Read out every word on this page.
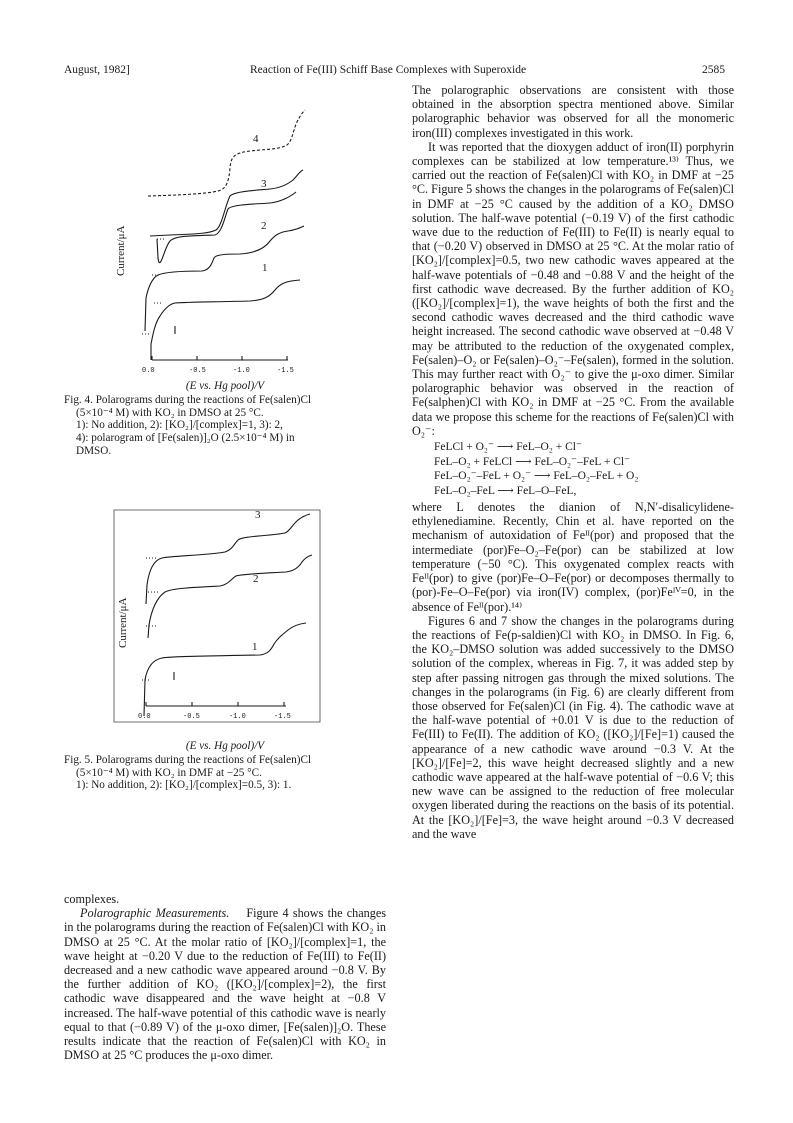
August, 1982]	Reaction of Fe(III) Schiff Base Complexes with Superoxide	2585
4
3
2
1
0.0	-0.5	-1.0	-1.5
Current/μA
(E vs. Hg pool)/V
Fig. 4. Polarograms during the reactions of Fe(salen)Cl
(5×10⁻⁴ M) with KO₂ in DMSO at 25 °C.
1): No addition, 2): [KO₂]/[complex]=1, 3): 2,
4): polarogram of [Fe(salen)]₂O (2.5×10⁻⁴ M) in
DMSO.
3
2
1
0.0	-0.5	-1.0	-1.5
Current/μA
(E vs. Hg pool)/V
Fig. 5. Polarograms during the reactions of Fe(salen)Cl
(5×10⁻⁴ M) with KO₂ in DMF at −25 °C.
1): No addition, 2): [KO₂]/[complex]=0.5, 3): 1.

complexes.

Polarographic Measurements. Figure 4 shows the changes in the polarograms during the reaction of Fe(salen)Cl with KO₂ in DMSO at 25 °C. At the molar ratio of [KO₂]/[complex]=1, the wave height at −0.20 V due to the reduction of Fe(III) to Fe(II) decreased and a new cathodic wave appeared around −0.8 V. By the further addition of KO₂ ([KO₂]/[complex]=2), the first cathodic wave disappeared and the wave height at −0.8 V increased. The half-wave potential of this cathodic wave is nearly equal to that (−0.89 V) of the μ-oxo dimer, [Fe(salen)]₂O. These results indicate that the reaction of Fe(salen)Cl with KO₂ in DMSO at 25 °C produces the μ-oxo dimer.

The polarographic observations are consistent with those obtained in the absorption spectra mentioned above. Similar polarographic behavior was observed for all the monomeric iron(III) complexes investigated in this work.

It was reported that the dioxygen adduct of iron(II) porphyrin complexes can be stabilized at low temperature.¹³⁾ Thus, we carried out the reaction of Fe(salen)Cl with KO₂ in DMF at −25 °C. Figure 5 shows the changes in the polarograms of Fe(salen)Cl in DMF at −25 °C caused by the addition of a KO₂ DMSO solution. The half-wave potential (−0.19 V) of the first cathodic wave due to the reduction of Fe(III) to Fe(II) is nearly equal to that (−0.20 V) observed in DMSO at 25 °C. At the molar ratio of [KO₂]/[complex]=0.5, two new cathodic waves appeared at the half-wave potentials of −0.48 and −0.88 V and the height of the first cathodic wave decreased. By the further addition of KO₂ ([KO₂]/[complex]=1), the wave heights of both the first and the second cathodic waves decreased and the third cathodic wave height increased. The second cathodic wave observed at −0.48 V may be attributed to the reduction of the oxygenated complex, Fe(salen)–O₂ or Fe(salen)–O₂⁻–Fe(salen), formed in the solution. This may further react with O₂⁻ to give the μ-oxo dimer. Similar polarographic behavior was observed in the reaction of Fe(salphen)Cl with KO₂ in DMF at −25 °C. From the available data we propose this scheme for the reactions of Fe(salen)Cl with O₂⁻:

FeLCl + O₂⁻ ⟶ FeL–O₂ + Cl⁻
FeL–O₂ + FeLCl ⟶ FeL–O₂⁻–FeL + Cl⁻
FeL–O₂⁻–FeL + O₂⁻ ⟶ FeL–O₂–FeL + O₂
FeL–O₂–FeL ⟶ FeL–O–FeL,

where L denotes the dianion of N,N′-disalicylidene-ethylenediamine. Recently, Chin et al. have reported on the mechanism of autoxidation of Feᴵᴵ(por) and proposed that the intermediate (por)Fe–O₂–Fe(por) can be stabilized at low temperature (−50 °C). This oxygenated complex reacts with Feᴵᴵ(por) to give (por)Fe–O–Fe(por) or decomposes thermally to (por)-Fe–O–Fe(por) via iron(IV) complex, (por)Feᴵⱽ=0, in the absence of Feᴵᴵ(por).¹⁴⁾

Figures 6 and 7 show the changes in the polarograms during the reactions of Fe(p-saldien)Cl with KO₂ in DMSO. In Fig. 6, the KO₂–DMSO solution was added successively to the DMSO solution of the complex, whereas in Fig. 7, it was added step by step after passing nitrogen gas through the mixed solutions. The changes in the polarograms (in Fig. 6) are clearly different from those observed for Fe(salen)Cl (in Fig. 4). The cathodic wave at the half-wave potential of +0.01 V is due to the reduction of Fe(III) to Fe(II). The addition of KO₂ ([KO₂]/[Fe]=1) caused the appearance of a new cathodic wave around −0.3 V. At the [KO₂]/[Fe]=2, this wave height decreased slightly and a new cathodic wave appeared at the half-wave potential of −0.6 V; this new wave can be assigned to the reduction of free molecular oxygen liberated during the reactions on the basis of its potential. At the [KO₂]/[Fe]=3, the wave height around −0.3 V decreased and the wave
